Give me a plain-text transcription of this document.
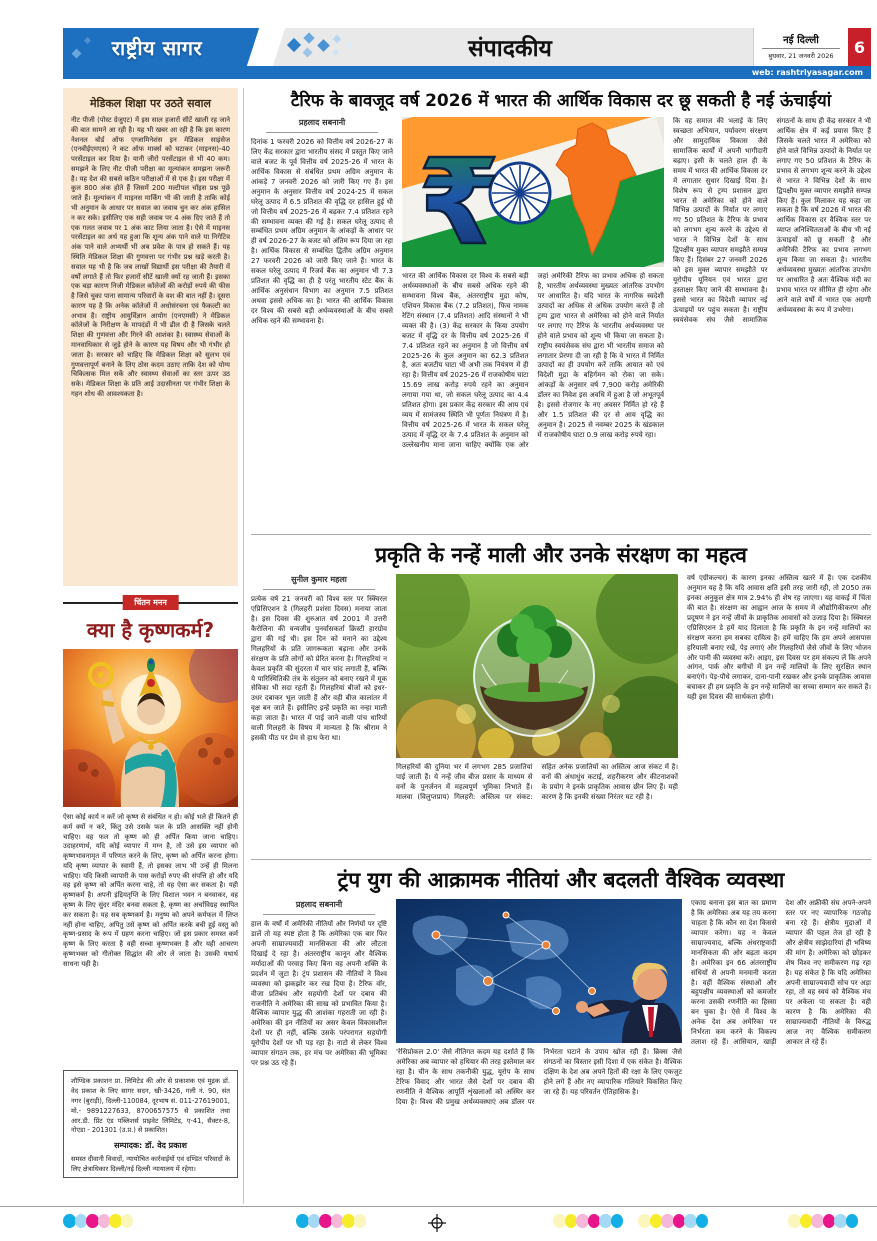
राष्ट्रीय सागर	संपादकीय	नई दिल्ली
बुधवार, 21 जनवरी 2026	6
web: rashtriyasagar.com
मेडिकल शिक्षा पर उठते सवाल
नीट पीजी (पोस्ट ग्रेजुएट) में इस साल हजारों सीटें खाली रह जाने की बात सामने आ रही है। यह भी खबर आ रही है कि इस कारण नेशनल बोर्ड ऑफ एग्जामिनेशंस इन मेडिकल साइंसेज (एनबीईएमएस) ने कट ऑफ मार्क्स को घटाकर (माइनस)-40 परसेंटाइल कर दिया है। यानी जीरो परसेंटाइल से भी 40 कम। समझने के लिए नीट पीजी परीक्षा का मूल्यांकन समझना जरूरी है। यह देश की सबसे कठिन परीक्षाओं में से एक है। इस परीक्षा में कुल 800 अंक होते हैं जिसमें 200 मल्टीपल चॉइस प्रश्न पूछे जाते हैं। मूल्यांकन में माइनस मार्किंग भी की जाती है ताकि कोई भी अनुमान के आधार पर सवाल का जवाब चुन कर अंक हासिल न कर सके। इसीलिए एक सही जवाब पर 4 अंक दिए जाते हैं तो एक गलत जवाब पर 1 अंक काट लिया जाता है। ऐसे में माइनस परसेंटाइल का अर्थ यह हुआ कि शून्य अंक पाने वाले या निगेटिव अंक पाने वाले अभ्यर्थी भी अब प्रवेश के पात्र हो सकते हैं। यह स्थिति मेडिकल शिक्षा की गुणवत्ता पर गंभीर प्रश्न खड़े करती है। सवाल यह भी है कि जब लाखों विद्यार्थी इस परीक्षा की तैयारी में वर्षों लगाते हैं तो फिर हजारों सीटें खाली क्यों रह जाती हैं। इसका एक बड़ा कारण निजी मेडिकल कॉलेजों की करोड़ों रुपये की फीस है जिसे चुका पाना सामान्य परिवारों के वश की बात नहीं है। दूसरा कारण यह है कि अनेक कॉलेजों में अधोसंरचना एवं फैकल्टी का अभाव है। राष्ट्रीय आयुर्विज्ञान आयोग (एनएमसी) ने मेडिकल कॉलेजों के निरीक्षण के मापदंडों में भी ढील दी है जिसके चलते शिक्षा की गुणवत्ता और गिरने की आशंका है। स्वास्थ्य सेवाओं के मानवाधिकार से जुड़े होने के कारण यह विषय और भी गंभीर हो जाता है। सरकार को चाहिए कि मेडिकल शिक्षा को सुलभ एवं गुणवत्तापूर्ण बनाने के लिए ठोस कदम उठाए ताकि देश को योग्य चिकित्सक मिल सकें और स्वास्थ्य सेवाओं का स्तर ऊपर उठ सके। मेडिकल शिक्षा के प्रति आई उदासीनता पर गंभीर शिक्षा के गहन शोध की आवश्यकता है।
चिंतन मनन
क्या है कृष्णकर्म?
ऐसा कोई कार्य न करें जो कृष्ण से संबंधित न हो। कोई भले ही कितने ही कर्म क्यों न करे, किंतु उसे उसके फल के प्रति आसक्ति नहीं होनी चाहिए। वह फल तो कृष्ण को ही अर्पित किया जाना चाहिए। उदाहरणार्थ, यदि कोई व्यापार में मग्न है, तो उसे इस व्यापार को कृष्णभावनामृत में परिणत करने के लिए, कृष्ण को अर्पित करना होगा। यदि कृष्ण व्यापार के स्वामी हैं, तो इसका लाभ भी उन्हें ही मिलना चाहिए। यदि किसी व्यापारी के पास करोड़ों रुपए की संपत्ति हो और यदि वह इसे कृष्ण को अर्पित करना चाहे, तो वह ऐसा कर सकता है। यही कृष्णकर्म है। अपनी इंद्रियतृप्ति के लिए विशाल भवन न बनवाकर, वह कृष्ण के लिए सुंदर मंदिर बनवा सकता है, कृष्ण का अर्चाविग्रह स्थापित कर सकता है। यह सब कृष्णकर्म है। मनुष्य को अपने कर्मफल में लिप्त नहीं होना चाहिए, अपितु उसे कृष्ण को अर्पित करके बची हुई वस्तु को कृष्ण-प्रसाद के रूप में ग्रहण करना चाहिए। जो इस प्रकार समस्त कर्म कृष्ण के लिए करता है वही सच्चा कृष्णभक्त है और यही आचरण कृष्णभक्त को गीतोक्त सिद्धांत की ओर ले जाता है। उसकी यथार्थ साधना यही है।
शौण्डिक प्रकाशन प्रा. लिमिटेड की ओर से प्रकाशक एवं मुद्रक डॉ. वेद प्रकाश के लिए सागर सदन, खी-3426, गली नं. 90, संत नगर (बुराड़ी), दिल्ली-110084, दूरभाष सं. 011-27619001, मो.- 9891227633, 8700657575 से प्रकाशित तथा आर.डी. प्रिंट एंड पब्लिशर्स प्राइवेट लिमिटेड, ए-41, सैक्टर-8, नोएडा - 201301 (उ.प्र.) से प्रकाशित।
सम्पादक: डॉ. वेद प्रकाश
समस्त दीवानी विवादों, न्यायोचित कार्रवाईयों एवं दण्डित परिवादों के लिए क्षेत्राधिकार दिल्ली/नई दिल्ली न्यायालय में रहेगा।
टैरिफ के बावजूद वर्ष 2026 में भारत की आर्थिक विकास दर छू सकती है नई ऊंचाईयां
प्रहलाद सबनानी
दिनांक 1 फरवरी 2026 को वित्तीय वर्ष 2026-27 के लिए केंद्र सरकार द्वारा भारतीय संसद में प्रस्तुत किए जाने वाले बजट के पूर्व वित्तीय वर्ष 2025-26 में भारत के आर्थिक विकास से संबंधित प्रथम अग्रिम अनुमान के आंकड़े 7 जनवरी 2026 को जारी किए गए हैं। इस अनुमान के अनुसार वित्तीय वर्ष 2024-25 में सकल घरेलू उत्पाद में 6.5 प्रतिशत की वृद्धि दर हासिल हुई थी जो वित्तीय वर्ष 2025-26 में बढ़कर 7.4 प्रतिशत रहने की सम्भावना व्यक्त की गई है। सकल घरेलू उत्पाद से सम्बंधित प्रथम अग्रिम अनुमान के आंकड़ों के आधार पर ही वर्ष 2026-27 के बजट को अंतिम रूप दिया जा रहा है। आर्थिक विकास से सम्बंधित द्वितीय अग्रिम अनुमान 27 फरवरी 2026 को जारी किए जाने हैं। भारत के सकल घरेलू उत्पाद में रिजर्व बैंक का अनुमान भी 7.3 प्रतिशत की वृद्धि का ही है परंतु भारतीय स्टेट बैंक के आर्थिक अनुसंधान विभाग का अनुमान 7.5 प्रतिशत अथवा इससे अधिक का है। भारत की आर्थिक विकास दर विश्व की सबसे बड़ी अर्थव्यवस्थाओं के बीच सबसे अधिक रहने की सम्भावना है।
₹
भारत की आर्थिक विकास दर विश्व के सबसे बड़ी अर्थव्यवस्थाओं के बीच सबसे अधिक रहने की सम्भावना विश्व बैंक, अंतरराष्ट्रीय मुद्रा कोष, एशियन विकास बैंक (7.2 प्रतिशत), फिच नामक रेटिंग संस्थान (7.4 प्रतिशत) आदि संस्थानों ने भी व्यक्त की है। (3) केंद्र सरकार के किया उपयोग बजट में वृद्धि दर के वित्तीय वर्ष 2025-26 में 7.4 प्रतिशत रहने का अनुमान है जो वित्तीय वर्ष 2025-26 के कुल अनुमान का 62.3 प्रतिशत है, अतः बजटीय घाटा भी अभी तक नियंत्रण में ही रहा है। वित्तीय वर्ष 2025-26 में राजकोषीय घाटा 15.69 लाख करोड़ रुपये रहने का अनुमान लगाया गया था, जो सकल घरेलू उत्पाद का 4.4 प्रतिशत होगा। इस प्रकार केंद्र सरकार की आय एवं व्यय में सामंजस्य स्थिति भी पूर्णतः नियंत्रण में है। वित्तीय वर्ष 2025-26 में भारत के सकल घरेलू उत्पाद में वृद्धि दर के 7.4 प्रतिशत के अनुमान को उल्लेखनीय माना जाना चाहिए क्योंकि एक ओर जहां अमेरिकी टैरिफ का प्रभाव अधिक हो सकता है, भारतीय अर्थव्यवस्था मुख्यतः आंतरिक उपभोग पर आधारित है। यदि भारत के नागरिक स्वदेशी उत्पादों का अधिक से अधिक उपयोग करते हैं तो ट्रम्प द्वारा भारत से अमेरिका को होने वाले निर्यात पर लगाए गए टैरिफ के भारतीय अर्थव्यवस्था पर होने वाले प्रभाव को शून्य भी किया जा सकता है। राष्ट्रीय स्वयंसेवक संघ द्वारा भी भारतीय समाज को लगातार प्रेरणा दी जा रही है कि वे भारत में निर्मित उत्पादों का ही उपयोग करें ताकि आयात को एवं विदेशी मुद्रा के बहिर्गमन को रोका जा सके। आंकड़ों के अनुसार वर्ष 7,900 करोड़ अमेरिकी डॉलर का निवेश इस अवधि में हुआ है जो अभूतपूर्व है। इससे रोजगार के नए अवसर निर्मित हो रहे हैं और 1.5 प्रतिशत की दर से आय वृद्धि का अनुमान है। 2025 से नवम्बर 2025 के खंडकाल में राजकोषीय घाटा 0.9 लाख करोड़ रुपये रहा।
कि वह समाज की भलाई के लिए स्वच्छता अभियान, पर्यावरण संरक्षण और सामुदायिक विकास जैसे सामाजिक कार्यों में अपनी भागीदारी बढ़ाए। इसी के चलते हाल ही के समय में भारत की आर्थिक विकास दर में लगातार सुधार दिखाई दिया है। विशेष रूप से ट्रम्प प्रशासन द्वारा भारत से अमेरिका को होने वाले विभिन्न उत्पादों के निर्यात पर लगाए गए 50 प्रतिशत के टैरिफ के प्रभाव को लगभग शून्य करने के उद्देश्य से भारत ने विभिन्न देशों के साथ द्विपक्षीय मुक्त व्यापार समझौते सम्पन्न किए हैं। दिसंबर 27 जनवरी 2026 को इस मुक्त व्यापार समझौते पर यूरोपीय यूनियन एवं भारत द्वारा हस्ताक्षर किए जाने की सम्भावना है। इससे भारत का विदेशी व्यापार नई ऊंचाइयों पर पहुंच सकता है। राष्ट्रीय स्वयंसेवक संघ जैसे सामाजिक संगठनों के साथ ही केंद्र सरकार ने भी आर्थिक क्षेत्र में कई प्रयास किए हैं जिसके चलते भारत में अमेरिका को होने वाले विभिन्न उत्पादों के निर्यात पर लगाए गए 50 प्रतिशत के टैरिफ के प्रभाव से लगभग शून्य करने के उद्देश्य से भारत ने विभिन्न देशों के साथ द्विपक्षीय मुक्त व्यापार समझौते सम्पन्न किए हैं। कुल मिलाकर यह कहा जा सकता है कि वर्ष 2026 में भारत की आर्थिक विकास दर वैश्विक स्तर पर व्याप्त अनिश्चितताओं के बीच भी नई ऊंचाइयों को छू सकती है और अमेरिकी टैरिफ का प्रभाव लगभग शून्य किया जा सकता है। भारतीय अर्थव्यवस्था मुख्यतः आंतरिक उपभोग पर आधारित है अतः वैश्विक मंदी का प्रभाव भारत पर सीमित ही रहेगा और आने वाले वर्षों में भारत एक अग्रणी अर्थव्यवस्था के रूप में उभरेगा।
प्रकृति के नन्हें माली और उनके संरक्षण का महत्व
सुनील कुमार महला
प्रत्येक वर्ष 21 जनवरी को विश्व स्तर पर स्क्विरल एप्रिसिएशन डे (गिलहरी प्रशंसा दिवस) मनाया जाता है। इस दिवस की शुरुआत वर्ष 2001 में उत्तरी कैरोलिना की वन्यजीव पुनर्वासकर्ता क्रिस्टी हारग्रोव द्वारा की गई थी। इस दिन को मनाने का उद्देश्य गिलहरियों के प्रति जागरूकता बढ़ाना और उनके संरक्षण के प्रति लोगों को प्रेरित करना है। गिलहरियां न केवल प्रकृति की सुंदरता में चार चांद लगाती हैं, बल्कि ये पारिस्थितिकी तंत्र के संतुलन को बनाए रखने में मूक सेविका भी सदा रहती हैं। गिलहरियां बीजों को इधर-उधर दबाकर भूल जाती हैं और वही बीज कालांतर में वृक्ष बन जाते हैं। इसीलिए इन्हें प्रकृति का नन्हा माली कहा जाता है। भारत में पाई जाने वाली पांच धारियों वाली गिलहरी के विषय में मान्यता है कि श्रीराम ने इसकी पीठ पर प्रेम से हाथ फेरा था।
गिलहरियों की दुनिया भर में लगभग 285 प्रजातियां पाई जाती हैं। ये नन्हें जीव बीज प्रसार के माध्यम से वनों के पुनर्जनन में महत्वपूर्ण भूमिका निभाते हैं। मालवा (विलुप्तप्राय) गिलहरी: अस्तित्व पर संकट: सहित अनेक प्रजातियों का अस्तित्व आज संकट में है। वनों की अंधाधुंध कटाई, शहरीकरण और कीटनाशकों के प्रयोग ने इनके प्राकृतिक आवास छीन लिए हैं। यही कारण है कि इनकी संख्या निरंतर घट रही है।
वर्ष एग्रीकल्चर) के कारण इनका अस्तित्व खतरे में है। एक दशकीय अनुमान यह है कि यदि आवास क्षति इसी तरह जारी रही, तो 2050 तक इनका अनुकूल क्षेत्र मात्र 2.94% ही शेष रह जाएगा। यह वाकई में चिंता की बात है। संरक्षण का आह्वान आज के समय में औद्योगिकीकरण और प्रदूषण ने इन नन्हें जीवों के प्राकृतिक आवासों को उजाड़ दिया है। स्क्विरल एप्रिसिएशन डे हमें याद दिलाता है कि प्रकृति के इन नन्हें मालियों का संरक्षण करना हम सबका दायित्व है। हमें चाहिए कि हम अपने आसपास हरियाली बनाए रखें, पेड़ लगाएं और गिलहरियों जैसे जीवों के लिए भोजन और पानी की व्यवस्था करें। आइए, इस दिवस पर हम संकल्प लें कि अपने आंगन, पार्क और बगीचों में इन नन्हें मालियों के लिए सुरक्षित स्थान बनाएंगे। पेड़-पौधे लगाकर, दाना-पानी रखकर और इनके प्राकृतिक आवास बचाकर ही हम प्रकृति के इन नन्हें मालियों का सच्चा सम्मान कर सकते हैं। यही इस दिवस की सार्थकता होगी।
ट्रंप युग की आक्रामक नीतियां और बदलती वैश्विक व्यवस्था
प्रहलाद सबनानी
हाल के वर्षों में अमेरिकी नीतियों और निर्णयों पर दृष्टि डालें तो यह स्पष्ट होता है कि अमेरिका एक बार फिर अपनी साम्राज्यवादी मानसिकता की ओर लौटता दिखाई दे रहा है। अंतरराष्ट्रीय कानून और वैश्विक मर्यादाओं की परवाह किए बिना वह अपनी शक्ति के प्रदर्शन में जुटा है। ट्रंप प्रशासन की नीतियों ने विश्व व्यवस्था को झकझोर कर रख दिया है। टैरिफ वॉर, वीजा प्रतिबंध और सहयोगी देशों पर दबाव की राजनीति ने अमेरिका की साख को प्रभावित किया है। वैश्विक व्यापार युद्ध की आशंका गहराती जा रही है। अमेरिका की इन नीतियों का असर केवल विकासशील देशों पर ही नहीं, बल्कि उसके परंपरागत सहयोगी यूरोपीय देशों पर भी पड़ रहा है। नाटो से लेकर विश्व व्यापार संगठन तक, हर मंच पर अमेरिका की भूमिका पर प्रश्न उठ रहे हैं।
'रेसिप्रोकल 2.0' जैसे नीतिगत कदम यह दर्शाते हैं कि अमेरिका अब व्यापार को हथियार की तरह इस्तेमाल कर रहा है। चीन के साथ तकनीकी युद्ध, यूरोप के साथ टैरिफ विवाद और भारत जैसे देशों पर दबाव की रणनीति ने वैश्विक आपूर्ति शृंखलाओं को अस्थिर कर दिया है। विश्व की प्रमुख अर्थव्यवस्थाएं अब डॉलर पर निर्भरता घटाने के उपाय खोज रही हैं। ब्रिक्स जैसे संगठनों का विस्तार इसी दिशा में एक संकेत है। वैश्विक दक्षिण के देश अब अपने हितों की रक्षा के लिए एकजुट होने लगे हैं और नए व्यापारिक गलियारे विकसित किए जा रहे हैं। यह परिवर्तन ऐतिहासिक है।
एकाग्र बनाना इस बात का प्रमाण है कि अमेरिका अब यह तय करना चाहता है कि कौन सा देश किससे व्यापार करेगा। यह न केवल साम्राज्यवाद, बल्कि अंधराष्ट्रवादी मानसिकता की ओर बढ़ता कदम है। अमेरिका इन 66 अंतरराष्ट्रीय संधियों से अपनी मनमानी करता है। वहीं वैश्विक संस्थाओं और बहुपक्षीय व्यवस्थाओं को कमजोर करना उसकी रणनीति का हिस्सा बन चुका है। ऐसे में विश्व के अनेक देश अब अमेरिका पर निर्भरता कम करने के विकल्प तलाश रहे हैं। आसियान, खाड़ी देश और अफ्रीकी संघ अपने-अपने स्तर पर नए व्यापारिक गठजोड़ बना रहे हैं। क्षेत्रीय मुद्राओं में व्यापार की पहल तेज हो रही है और क्षेत्रीय साझेदारियां ही भविष्य की मांग है। अमेरिका को छोड़कर शेष विश्व नए समीकरण गढ़ रहा है। यह संकेत है कि यदि अमेरिका अपनी साम्राज्यवादी सोच पर अड़ा रहा, तो वह स्वयं को वैश्विक मंच पर अकेला पा सकता है। वही कारण है कि अमेरिका की साम्राज्यवादी नीतियों के विरुद्ध आज नए वैश्विक समीकरण आकार ले रहे हैं।
